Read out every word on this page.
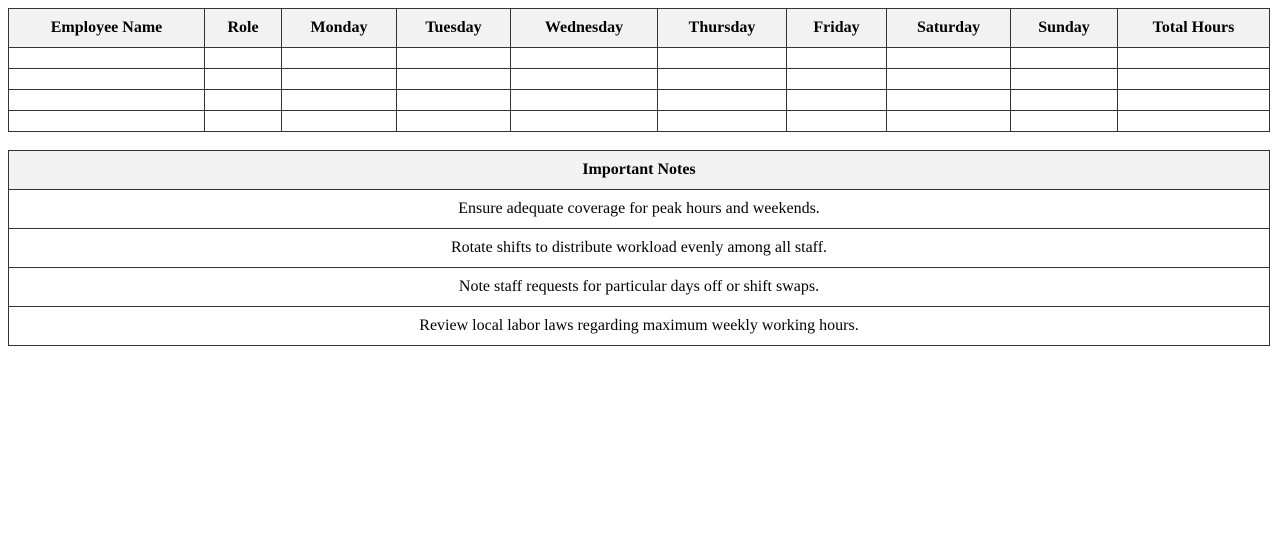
Employee Name	Role	Monday	Tuesday	Wednesday	Thursday	Friday	Saturday	Sunday	Total Hours

Important Notes
Ensure adequate coverage for peak hours and weekends.
Rotate shifts to distribute workload evenly among all staff.
Note staff requests for particular days off or shift swaps.
Review local labor laws regarding maximum weekly working hours.
